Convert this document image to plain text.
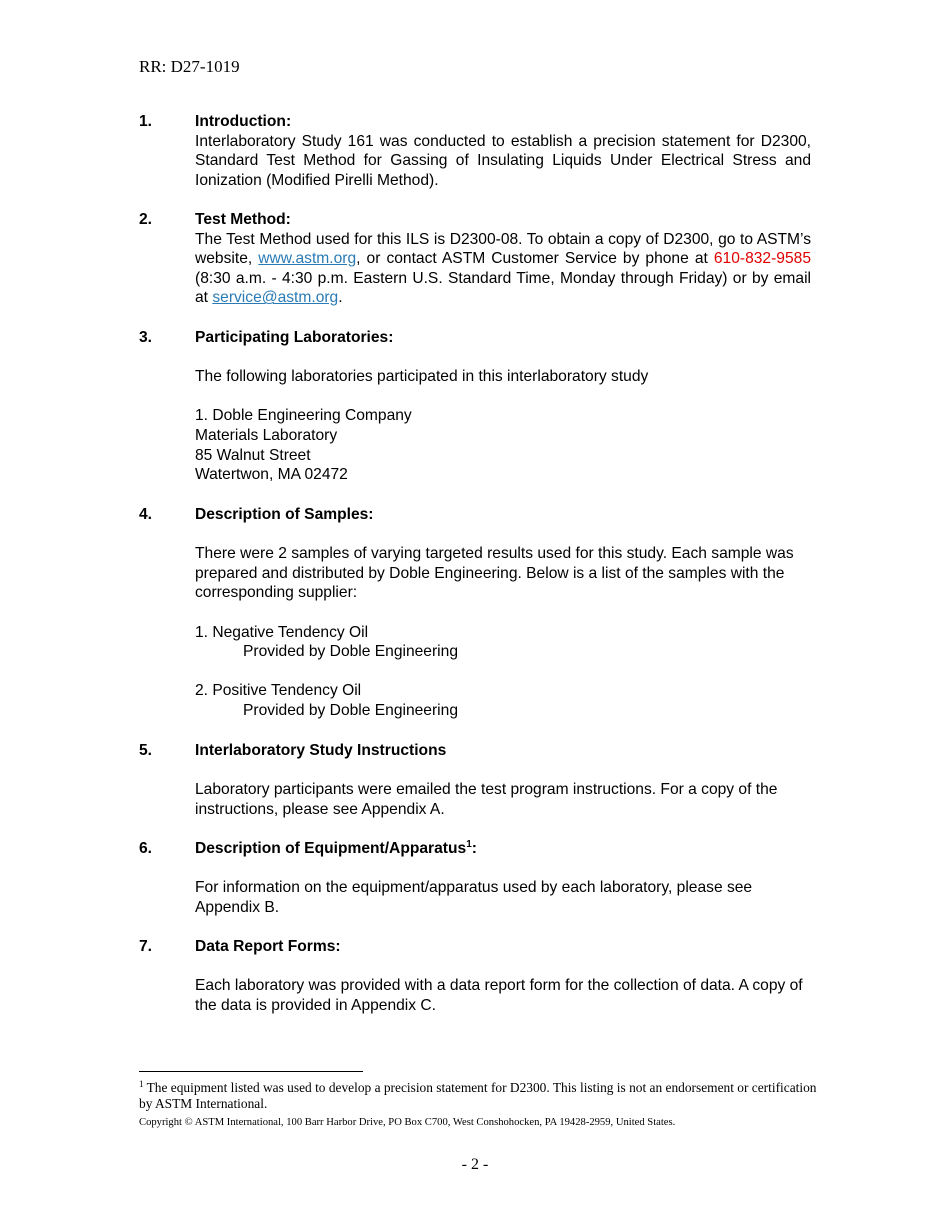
RR: D27-1019
1.	Introduction:
Interlaboratory Study 161 was conducted to establish a precision statement for D2300, Standard Test Method for Gassing of Insulating Liquids Under Electrical Stress and Ionization (Modified Pirelli Method).
2.	Test Method:
The Test Method used for this ILS is D2300-08. To obtain a copy of D2300, go to ASTM’s website, www.astm.org, or contact ASTM Customer Service by phone at 610-832-9585 (8:30 a.m. - 4:30 p.m. Eastern U.S. Standard Time, Monday through Friday) or by email at service@astm.org.
3.	Participating Laboratories:
The following laboratories participated in this interlaboratory study
1. Doble Engineering Company
Materials Laboratory
85 Walnut Street
Watertwon, MA 02472
4.	Description of Samples:
There were 2 samples of varying targeted results used for this study. Each sample was prepared and distributed by Doble Engineering. Below is a list of the samples with the corresponding supplier:
1. Negative Tendency Oil
Provided by Doble Engineering
2. Positive Tendency Oil
Provided by Doble Engineering
5.	Interlaboratory Study Instructions
Laboratory participants were emailed the test program instructions. For a copy of the instructions, please see Appendix A.
6.	Description of Equipment/Apparatus$^1$:
For information on the equipment/apparatus used by each laboratory, please see Appendix B.
7.	Data Report Forms:
Each laboratory was provided with a data report form for the collection of data. A copy of the data is provided in Appendix C.
$^1$ The equipment listed was used to develop a precision statement for D2300. This listing is not an endorsement or certification by ASTM International.
Copyright © ASTM International, 100 Barr Harbor Drive, PO Box C700, West Conshohocken, PA 19428-2959, United States.
- 2 -
